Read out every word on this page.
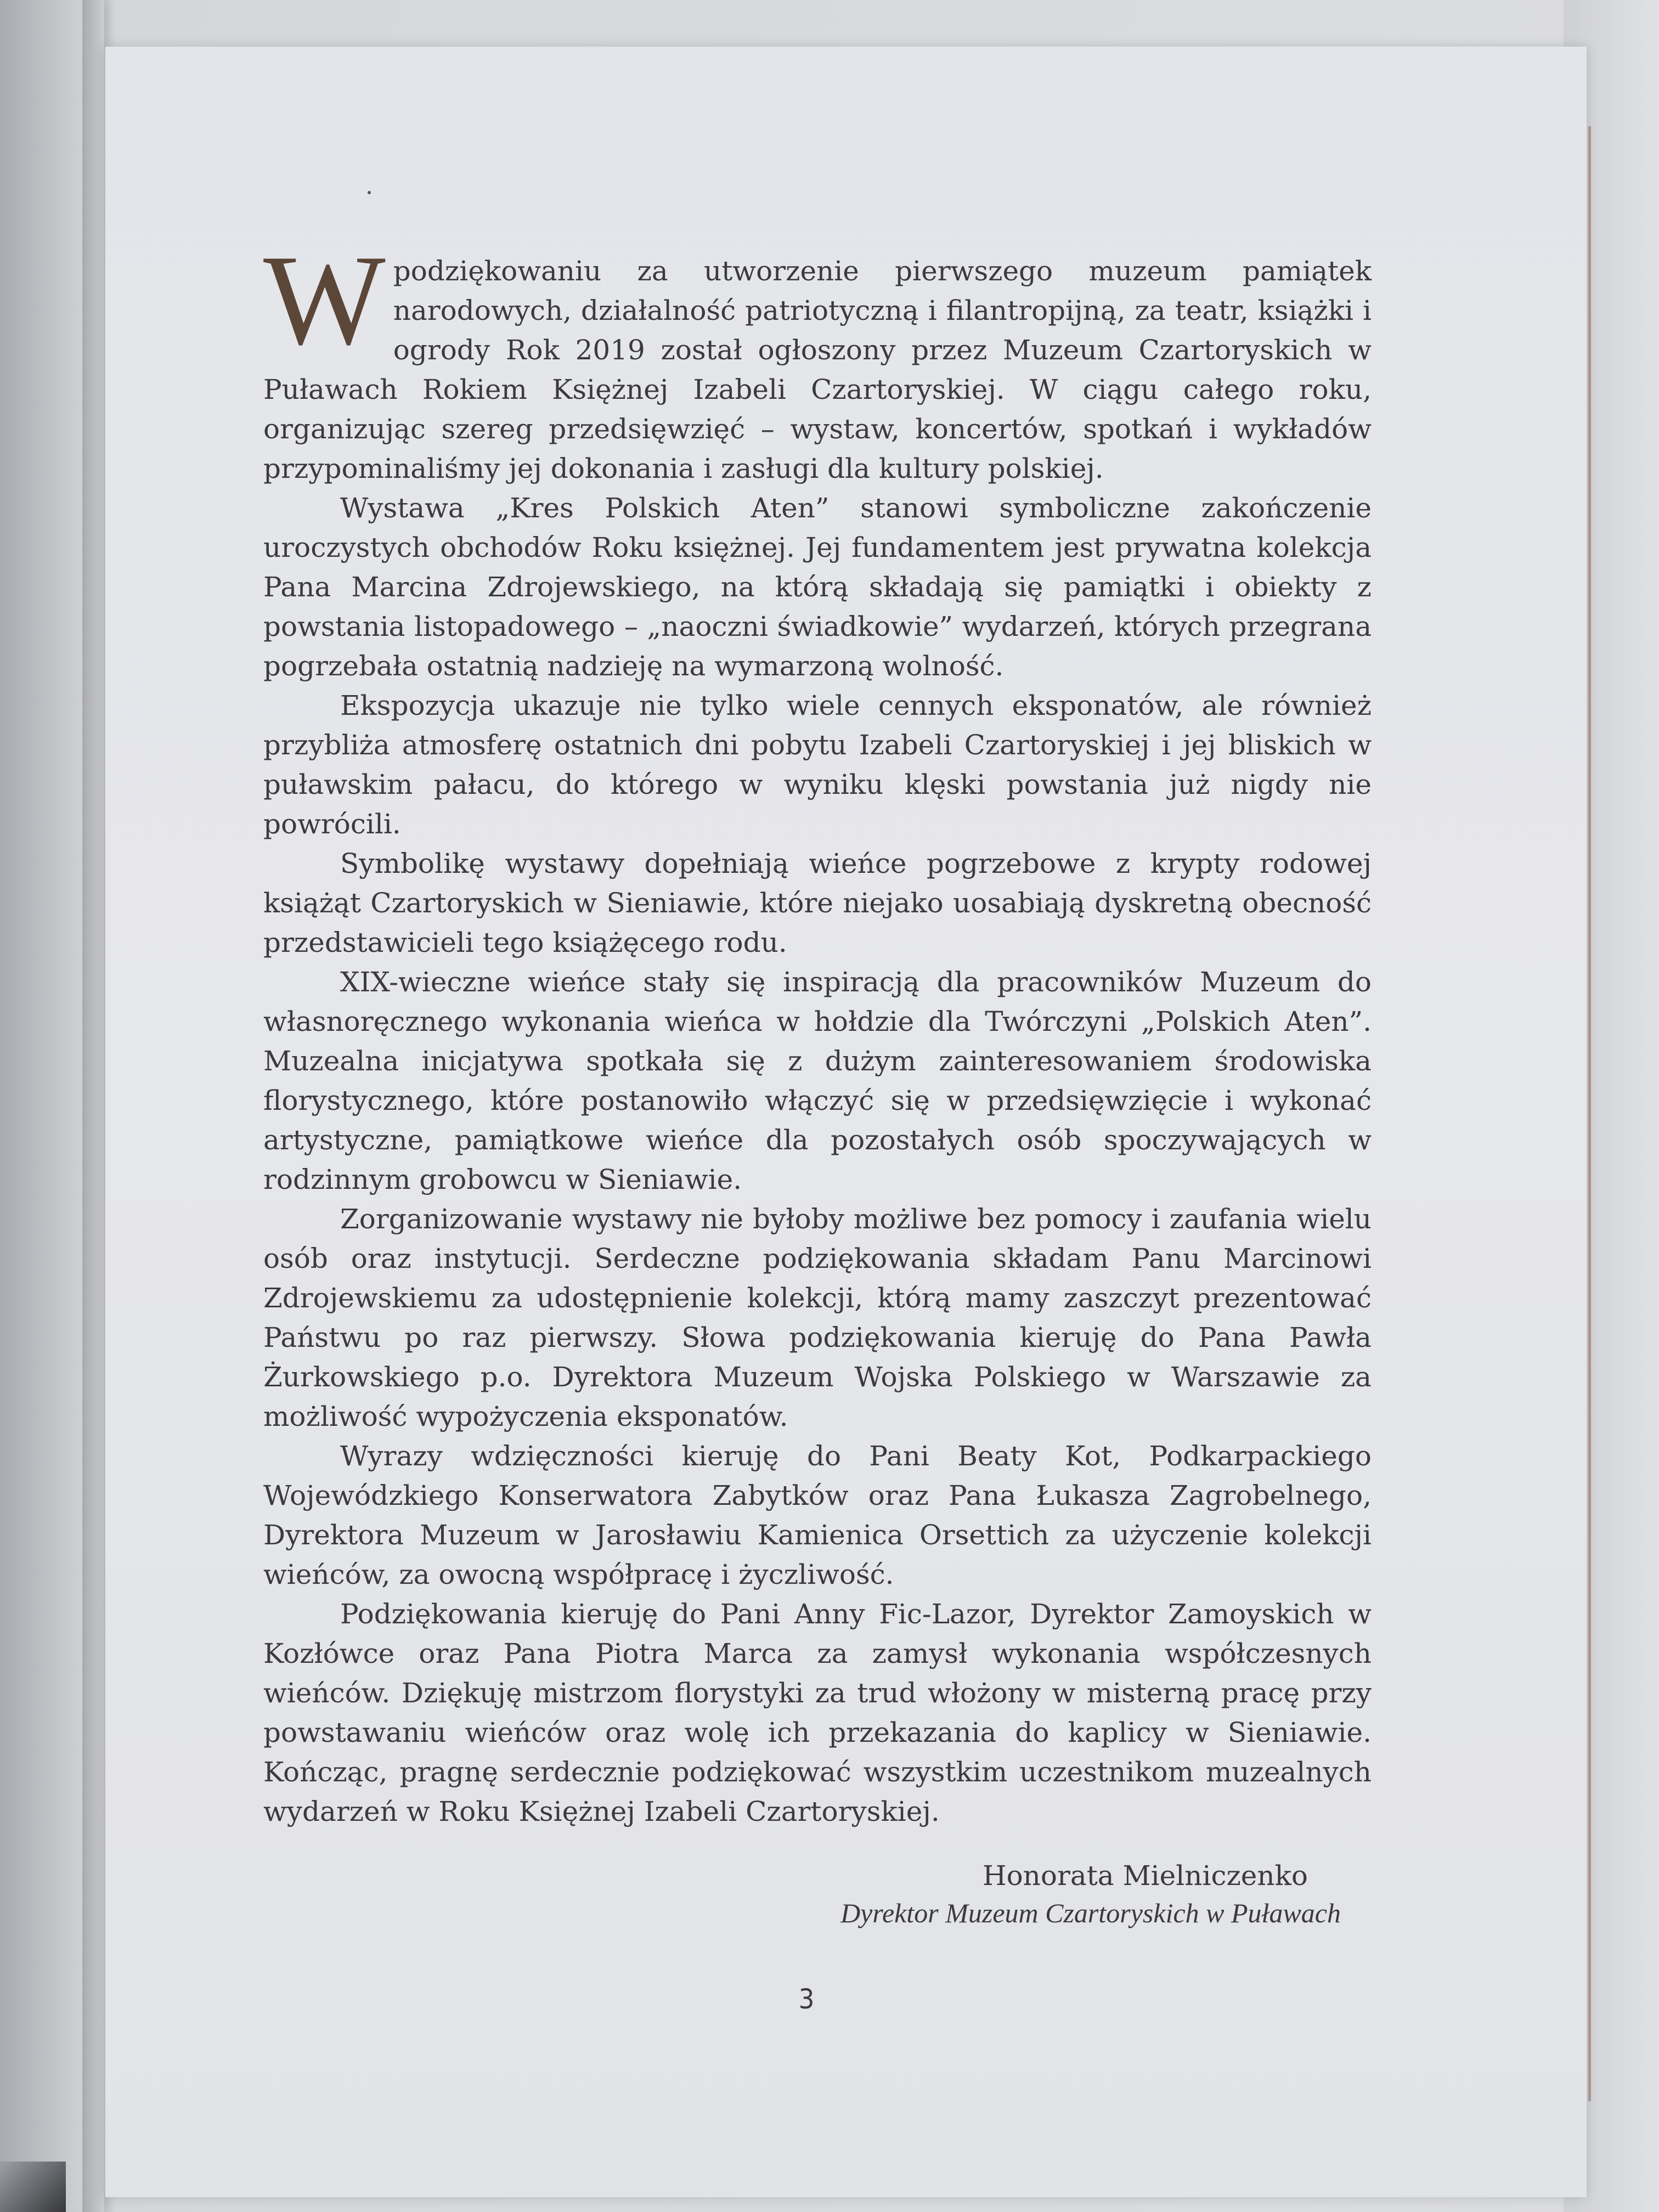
Wpodziękowaniu za utworzenie pierwszego muzeum pamiątek narodowych, działalność patriotyczną i filantropijną, za teatr, książki i ogrody Rok 2019 został ogłoszony przez Muzeum Czartoryskich w Puławach Rokiem Księżnej Izabeli Czartoryskiej. W ciągu całego roku, organizując szereg przedsięwzięć – wystaw, koncertów, spotkań i wykładów przypominaliśmy jej dokonania i zasługi dla kultury polskiej.

Wystawa „Kres Polskich Aten” stanowi symboliczne zakończenie uroczystych obchodów Roku księżnej. Jej fundamentem jest prywatna kolekcja Pana Marcina Zdrojewskiego, na którą składają się pamiątki i obiekty z powstania listopadowego – „naoczni świadkowie” wydarzeń, których przegrana pogrzebała ostatnią nadzieję na wymarzoną wolność.

Ekspozycja ukazuje nie tylko wiele cennych eksponatów, ale również przybliża atmosferę ostatnich dni pobytu Izabeli Czartoryskiej i jej bliskich w puławskim pałacu, do którego w wyniku klęski powstania już nigdy nie powrócili.

Symbolikę wystawy dopełniają wieńce pogrzebowe z krypty rodowej książąt Czartoryskich w Sieniawie, które niejako uosabiają dyskretną obecność przedstawicieli tego książęcego rodu.

XIX-wieczne wieńce stały się inspiracją dla pracowników Muzeum do własnoręcznego wykonania wieńca w hołdzie dla Twórczyni „Polskich Aten”. Muzealna inicjatywa spotkała się z dużym zainteresowaniem środowiska florystycznego, które postanowiło włączyć się w przedsięwzięcie i wykonać artystyczne, pamiątkowe wieńce dla pozostałych osób spoczywających w rodzinnym grobowcu w Sieniawie.

Zorganizowanie wystawy nie byłoby możliwe bez pomocy i zaufania wielu osób oraz instytucji. Serdeczne podziękowania składam Panu Marcinowi Zdrojewskiemu za udostępnienie kolekcji, którą mamy zaszczyt prezentować Państwu po raz pierwszy. Słowa podziękowania kieruję do Pana Pawła Żurkowskiego p.o. Dyrektora Muzeum Wojska Polskiego w Warszawie za możliwość wypożyczenia eksponatów.

Wyrazy wdzięczności kieruję do Pani Beaty Kot, Podkarpackiego Wojewódzkiego Konserwatora Zabytków oraz Pana Łukasza Zagrobelnego, Dyrektora Muzeum w Jarosławiu Kamienica Orsettich za użyczenie kolekcji wieńców, za owocną współpracę i życzliwość.

Podziękowania kieruję do Pani Anny Fic-Lazor, Dyrektor Zamoyskich w Kozłówce oraz Pana Piotra Marca za zamysł wykonania współczesnych wieńców. Dziękuję mistrzom florystyki za trud włożony w misterną pracę przy powstawaniu wieńców oraz wolę ich przekazania do kaplicy w Sieniawie. Kończąc, pragnę serdecznie podziękować wszystkim uczestnikom muzealnych wydarzeń w Roku Księżnej Izabeli Czartoryskiej.

Honorata Mielniczenko
Dyrektor Muzeum Czartoryskich w Puławach
3
